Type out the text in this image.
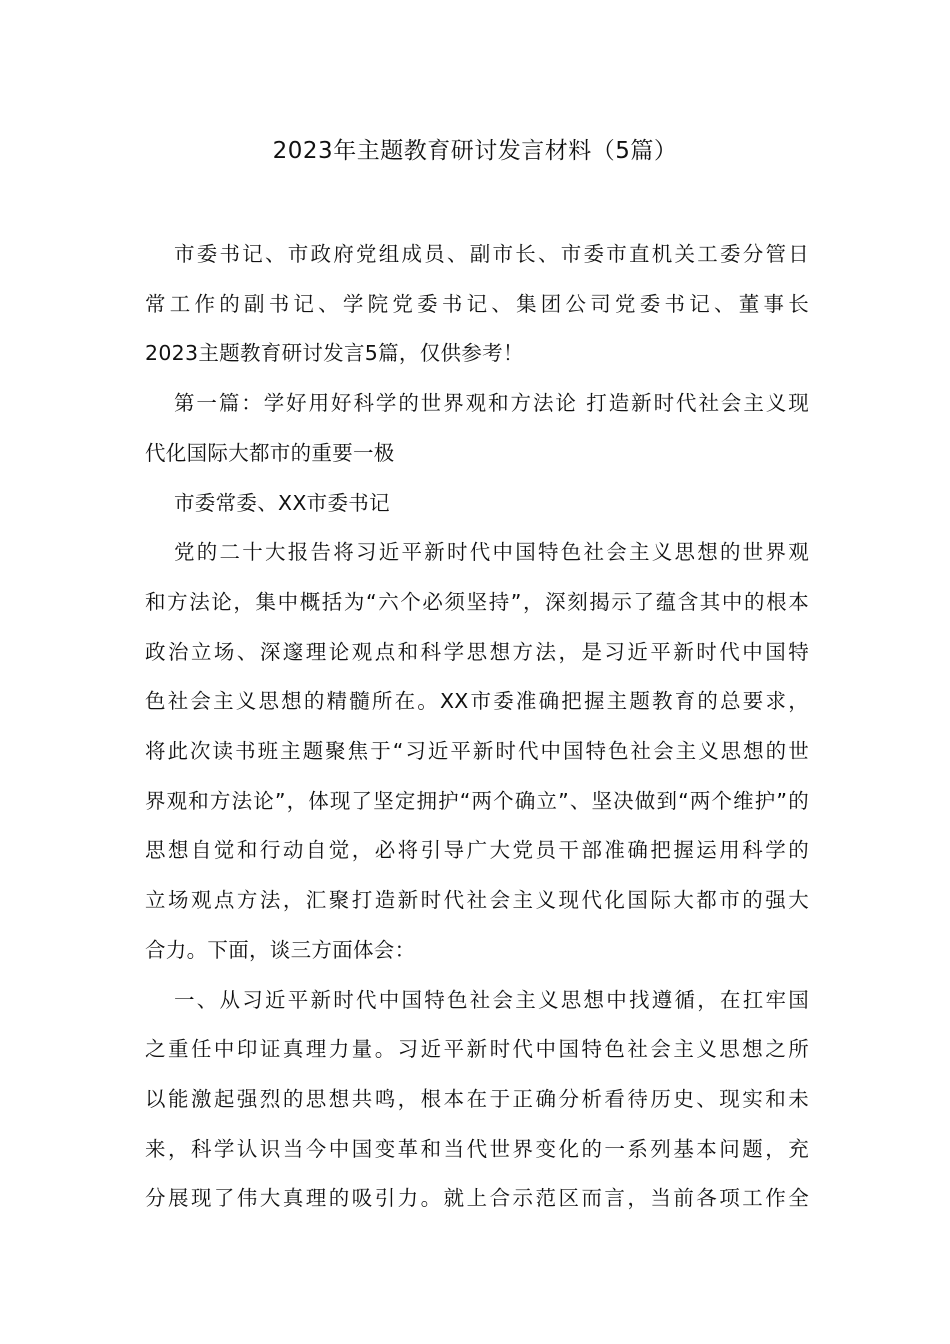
2023年主题教育研讨发言材料（5篇）

市委书记、市政府党组成员、副市长、市委市直机关工委分管日
常工作的副书记、学院党委书记、集团公司党委书记、董事长
2023主题教育研讨发言5篇，仅供参考！

第一篇：学好用好科学的世界观和方法论 打造新时代社会主义现
代化国际大都市的重要一极

市委常委、XX市委书记

党的二十大报告将习近平新时代中国特色社会主义思想的世界观
和方法论，集中概括为“六个必须坚持”，深刻揭示了蕴含其中的根本
政治立场、深邃理论观点和科学思想方法，是习近平新时代中国特
色社会主义思想的精髓所在。XX市委准确把握主题教育的总要求，
将此次读书班主题聚焦于“习近平新时代中国特色社会主义思想的世
界观和方法论”，体现了坚定拥护“两个确立”、坚决做到“两个维护”的
思想自觉和行动自觉，必将引导广大党员干部准确把握运用科学的
立场观点方法，汇聚打造新时代社会主义现代化国际大都市的强大
合力。下面，谈三方面体会：

一、从习近平新时代中国特色社会主义思想中找遵循，在扛牢国
之重任中印证真理力量。习近平新时代中国特色社会主义思想之所
以能激起强烈的思想共鸣，根本在于正确分析看待历史、现实和未
来，科学认识当今中国变革和当代世界变化的一系列基本问题，充
分展现了伟大真理的吸引力。就上合示范区而言，当前各项工作全
